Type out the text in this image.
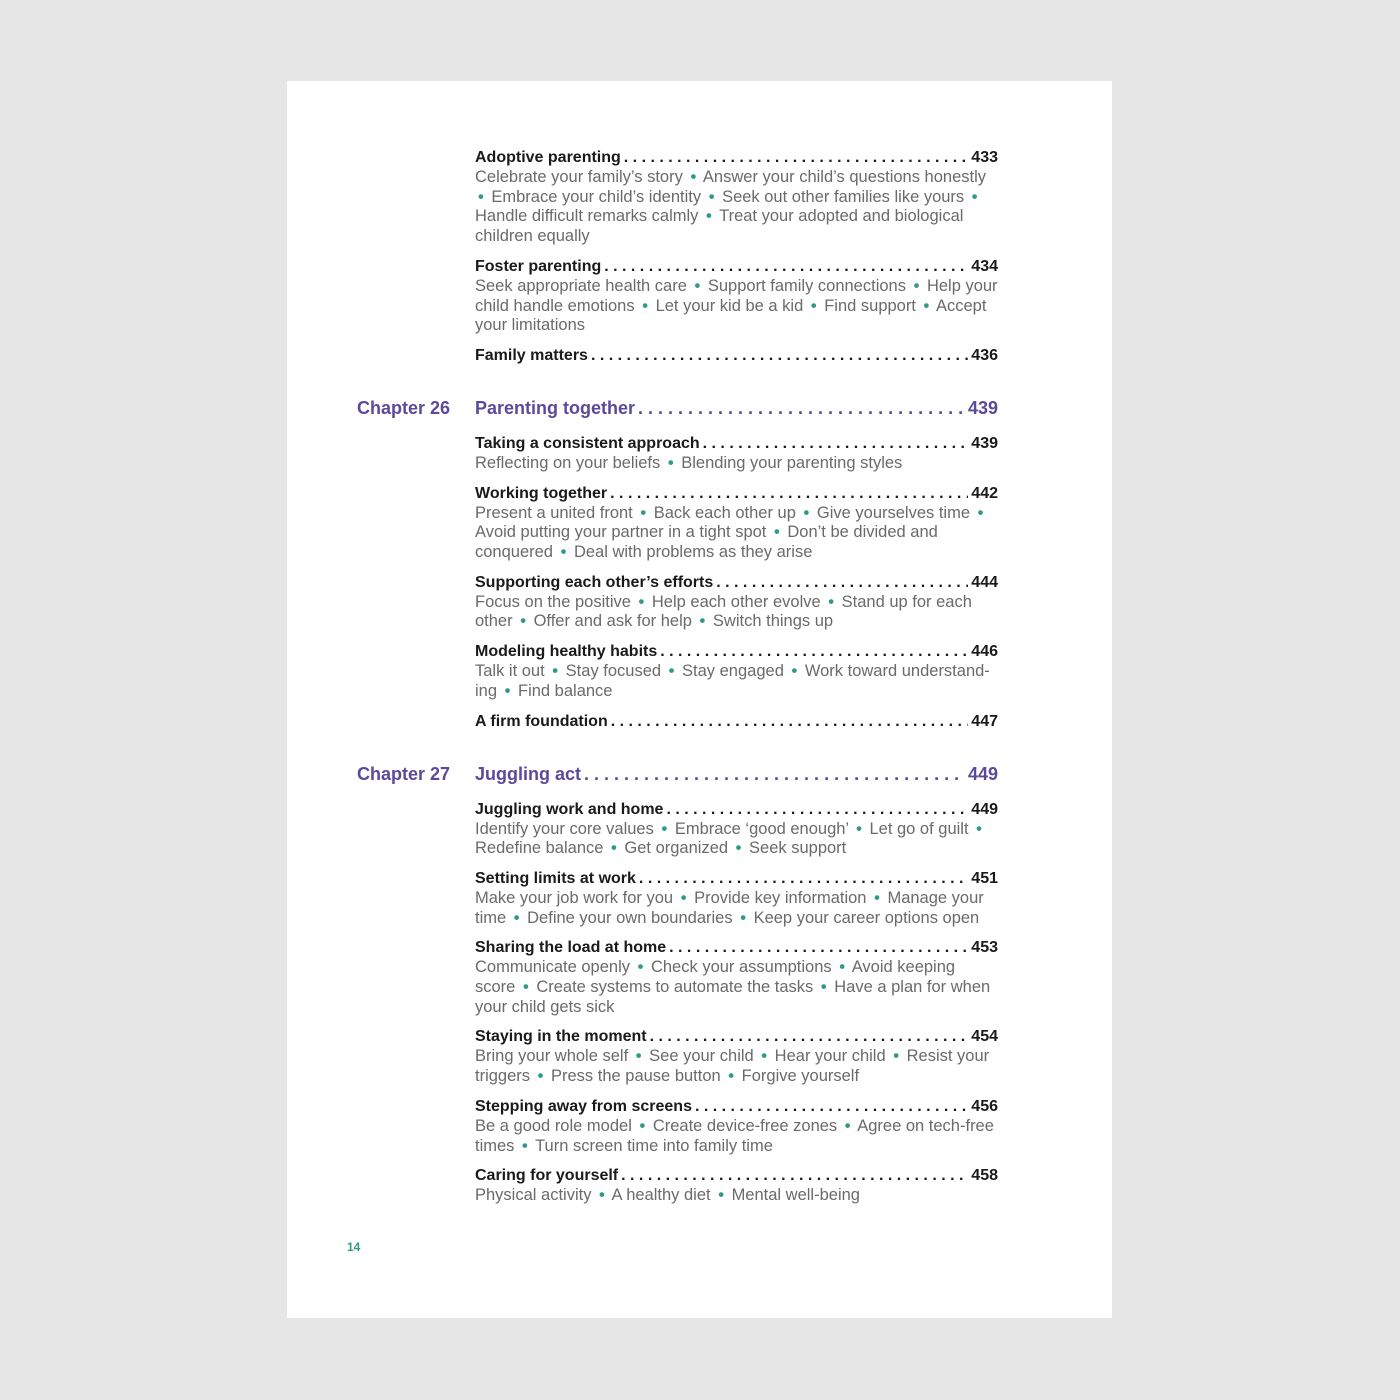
Adoptive parenting . . .	433
Celebrate your family’s story • Answer your child’s questions honestly • Embrace your child’s identity • Seek out other families like yours • Handle difficult remarks calmly • Treat your adopted and biological children equally
Foster parenting . . .	434
Seek appropriate health care • Support family connections • Help your child handle emotions • Let your kid be a kid • Find support • Accept your limitations
Family matters . . .	436
Chapter 26 Parenting together . . .	439
Taking a consistent approach . . .	439
Reflecting on your beliefs • Blending your parenting styles
Working together . . .	442
Present a united front • Back each other up • Give yourselves time • Avoid putting your partner in a tight spot • Don’t be divided and conquered • Deal with problems as they arise
Supporting each other’s efforts . . .	444
Focus on the positive • Help each other evolve • Stand up for each other • Offer and ask for help • Switch things up
Modeling healthy habits . . .	446
Talk it out • Stay focused • Stay engaged • Work toward understand-ing • Find balance
A firm foundation . . .	447
Chapter 27 Juggling act . . .	449
Juggling work and home . . .	449
Identify your core values • Embrace ‘good enough’ • Let go of guilt • Redefine balance • Get organized • Seek support
Setting limits at work . . .	451
Make your job work for you • Provide key information • Manage your time • Define your own boundaries • Keep your career options open
Sharing the load at home . . .	453
Communicate openly • Check your assumptions • Avoid keeping score • Create systems to automate the tasks • Have a plan for when your child gets sick
Staying in the moment . . .	454
Bring your whole self • See your child • Hear your child • Resist your triggers • Press the pause button • Forgive yourself
Stepping away from screens . . .	456
Be a good role model • Create device-free zones • Agree on tech-free times • Turn screen time into family time
Caring for yourself . . .	458
Physical activity • A healthy diet • Mental well-being
14
